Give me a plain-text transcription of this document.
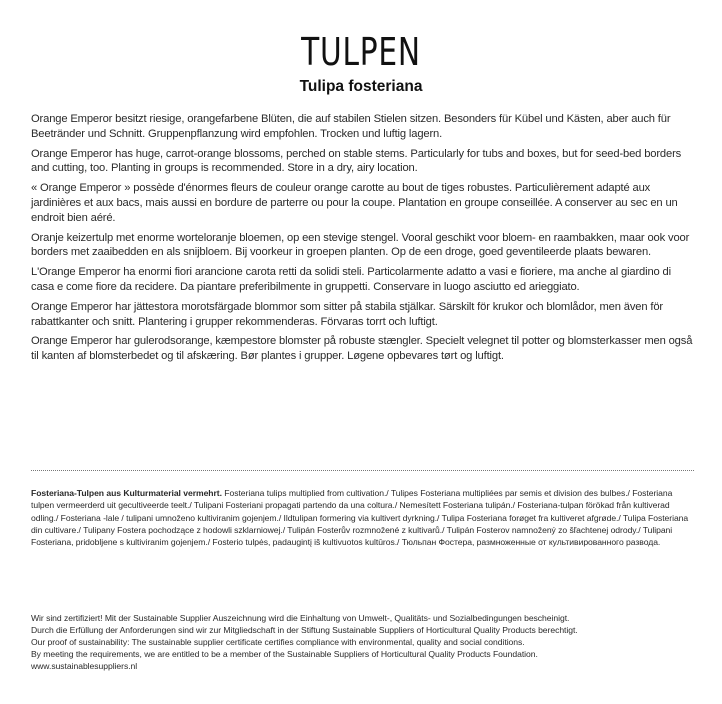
TULPEN
Tulipa fosteriana

Orange Emperor besitzt riesige, orangefarbene Blüten, die auf stabilen Stielen sitzen. Besonders für Kübel und Kästen, aber auch für Beetränder und Schnitt. Gruppenpflanzung wird empfohlen. Trocken und luftig lagern.

Orange Emperor has huge, carrot-orange blossoms, perched on stable stems. Particularly for tubs and boxes, but for seed-bed borders and cutting, too. Planting in groups is recommended. Store in a dry, airy location.

« Orange Emperor » possède d'énormes fleurs de couleur orange carotte au bout de tiges robustes. Particulièrement adapté aux jardinières et aux bacs, mais aussi en bordure de parterre ou pour la coupe. Plantation en groupe conseillée. A conserver au sec en un endroit bien aéré.

Oranje keizertulp met enorme worteloranje bloemen, op een stevige stengel. Vooral geschikt voor bloem- en raambakken, maar ook voor borders met zaaibedden en als snijbloem. Bij voorkeur in groepen planten. Op de een droge, goed geventileerde plaats bewaren.

L'Orange Emperor ha enormi fiori arancione carota retti da solidi steli. Particolarmente adatto a vasi e fioriere, ma anche al giardino di casa e come fiore da recidere. Da piantare preferibilmente in gruppetti. Conservare in luogo asciutto ed arieggiato.

Orange Emperor har jättestora morotsfärgade blommor som sitter på stabila stjälkar. Särskilt för krukor och blomlådor, men även för rabattkanter och snitt. Plantering i grupper rekommenderas. Förvaras torrt och luftigt.

Orange Emperor har gulerodsorange, kæmpestore blomster på robuste stængler. Specielt velegnet til potter og blomsterkasser men også til kanten af blomsterbedet og til afskæring. Bør plantes i grupper. Løgene opbevares tørt og luftigt.

Fosteriana-Tulpen aus Kulturmaterial vermehrt. Fosteriana tulips multiplied from cultivation./ Tulipes Fosteriana multipliées par semis et division des bulbes./ Fosteriana tulpen vermeerderd uit gecultiveerde teelt./ Tulipani Fosteriani propagati partendo da una coltura./ Nemesített Fosteriana tulipán./ Fosteriana-tulpan förökad från kultiverad odling./ Fosteriana -lale / tulipani umnoženo kultiviranim gojenjem./ Ildtulipan formering via kultivert dyrkning./ Tulipa Fosteriana forøget fra kultiveret afgrøde./ Tulipa Fosteriana din cultivare./ Tulipany Fostera pochodzące z hodowli szklarniowej./ Tulipán Fosterův rozmnožené z kultivarů./ Tulipán Fosterov namnožený zo šľachtenej odrody./ Tulipani Fosteriana, pridobljene s kultiviranim gojenjem./ Fosterio tulpės, padaugintį iš kultivuotos kultūros./ Тюльпан Фостера, размноженные от культивированного развода.
Wir sind zertifiziert! Mit der Sustainable Supplier Auszeichnung wird die Einhaltung von Umwelt-, Qualitäts- und Sozialbedingungen bescheinigt.
Durch die Erfüllung der Anforderungen sind wir zur Mitgliedschaft in der Stiftung Sustainable Suppliers of Horticultural Quality Products berechtigt.
Our proof of sustainability: The sustainable supplier certificate certifies compliance with environmental, quality and social conditions.
By meeting the requirements, we are entitled to be a member of the Sustainable Suppliers of Horticultural Quality Products Foundation.
www.sustainablesuppliers.nl
